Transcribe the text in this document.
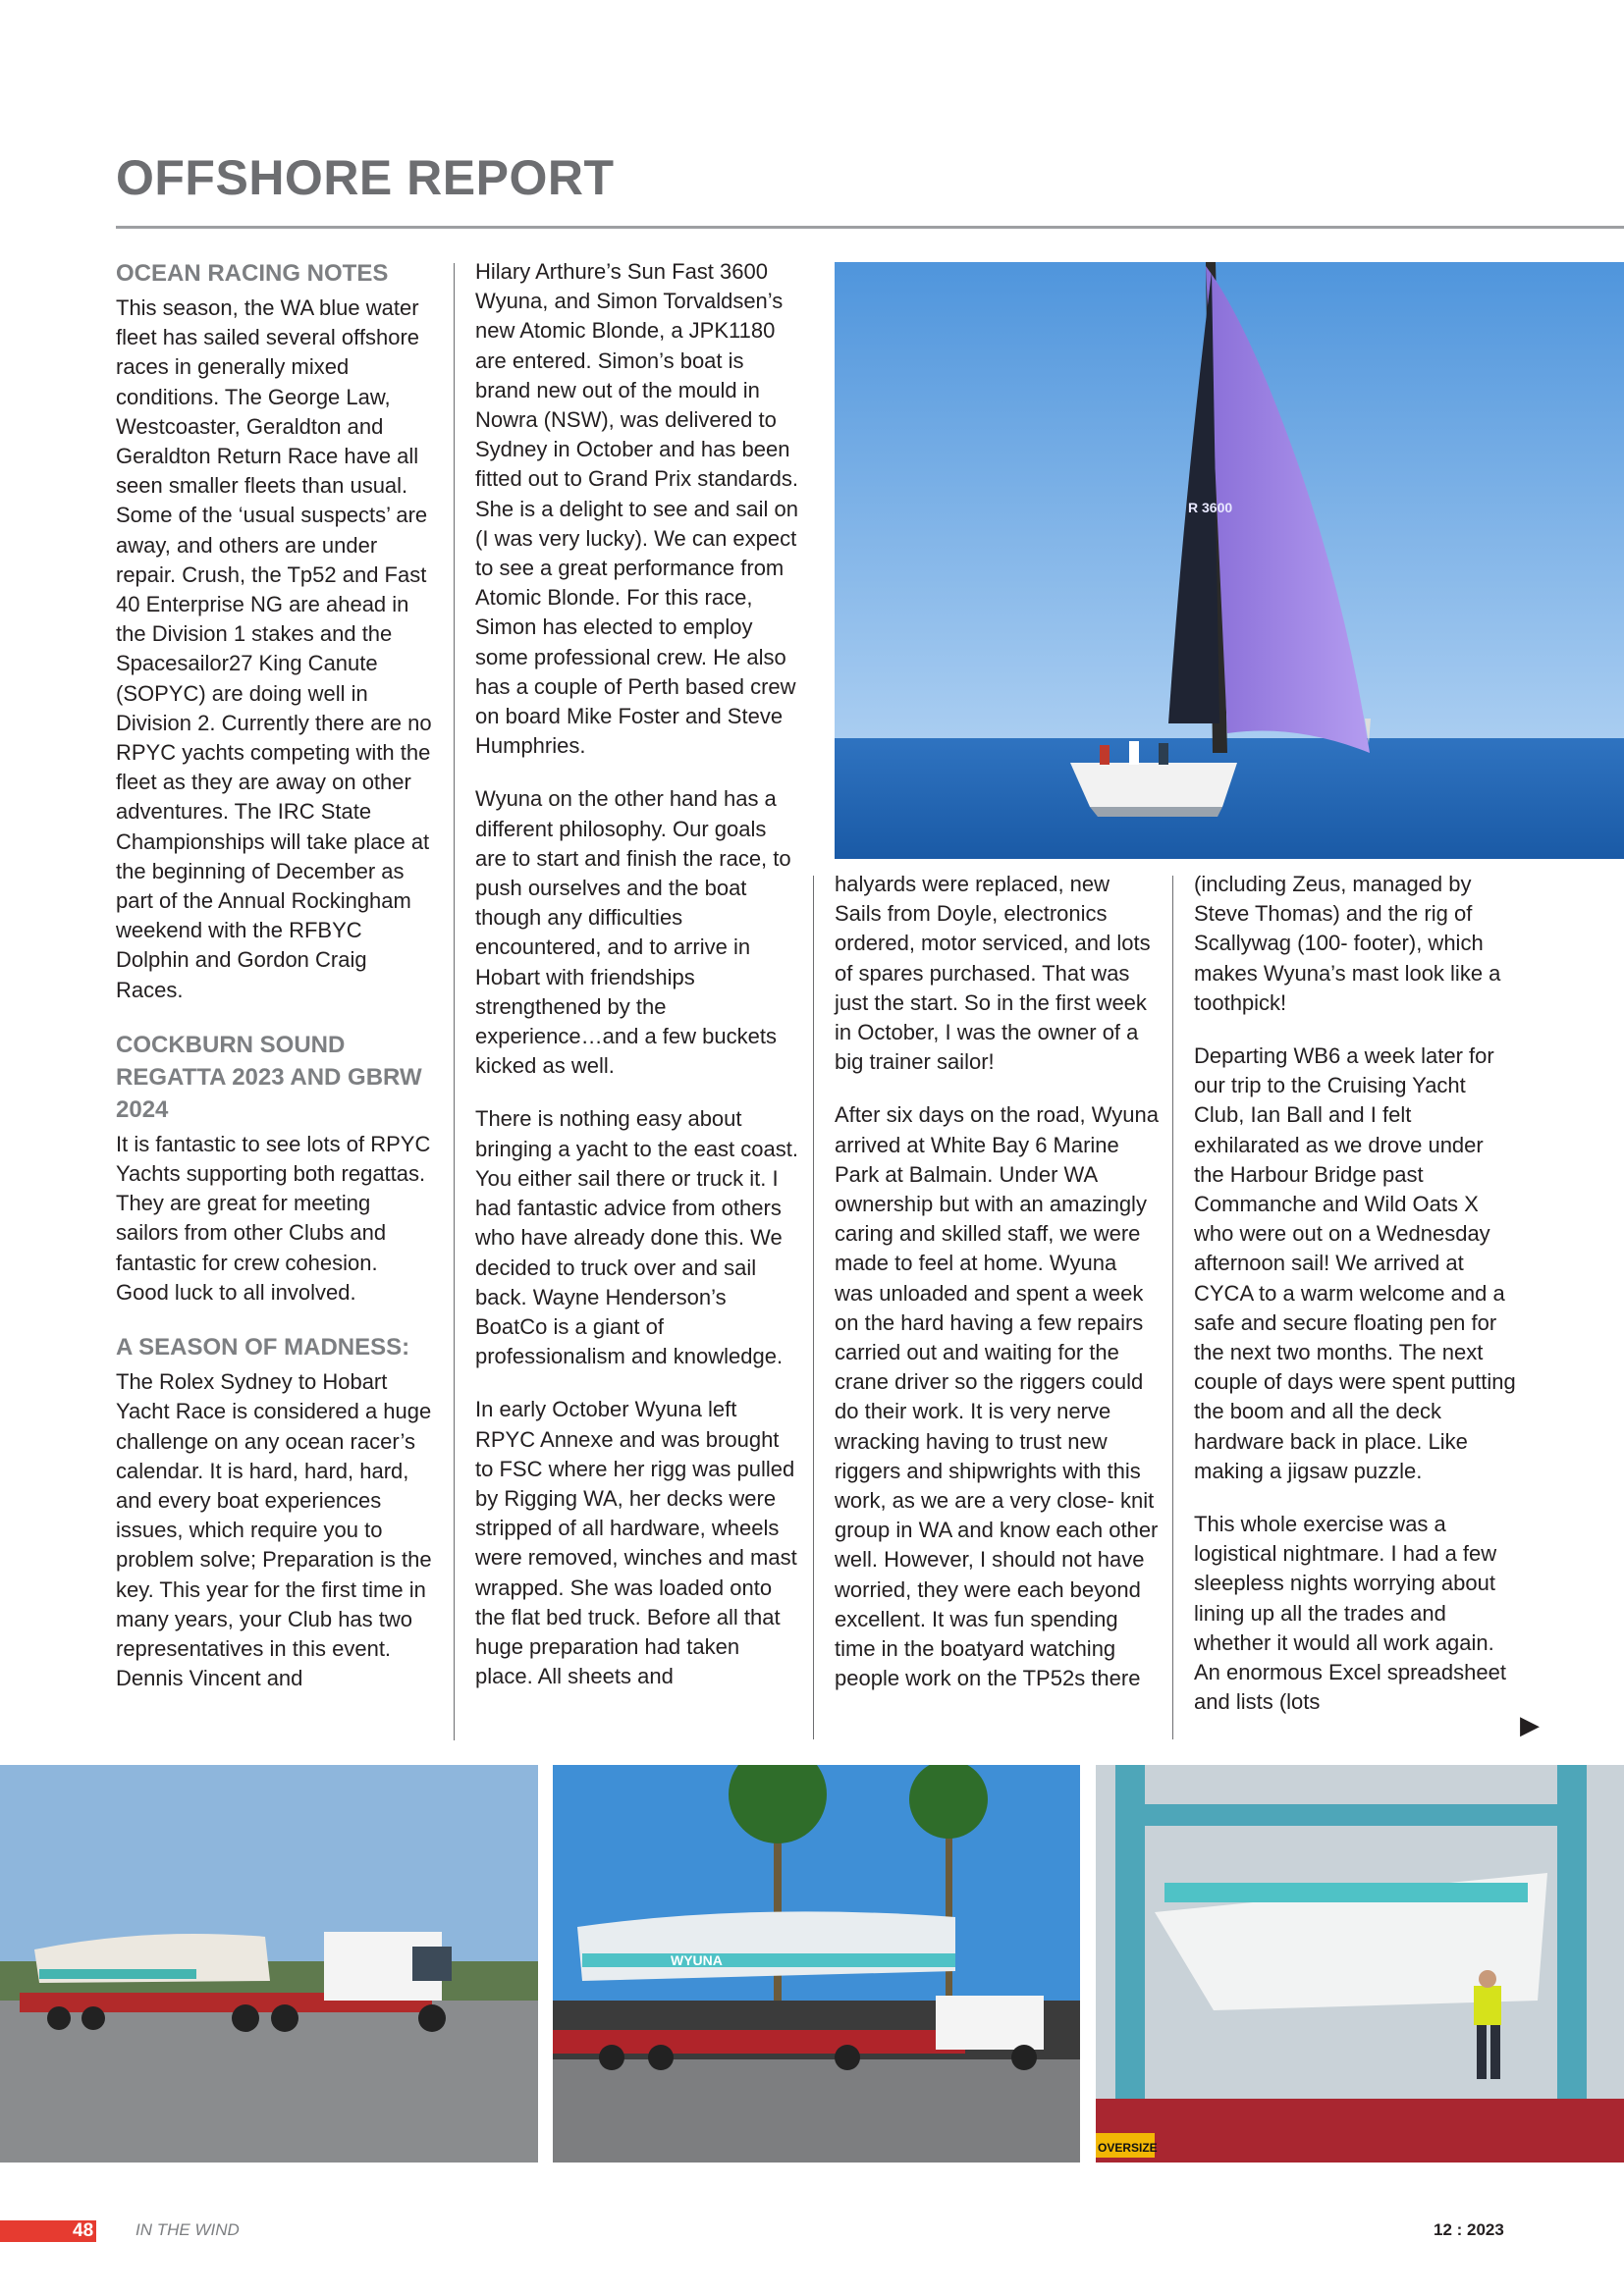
OFFSHORE REPORT
OCEAN RACING NOTES

This season, the WA blue water fleet has sailed several offshore races in generally mixed conditions. The George Law, Westcoaster, Geraldton and Geraldton Return Race have all seen smaller fleets than usual. Some of the ‘usual suspects’ are away, and others are under repair. Crush, the Tp52 and Fast 40 Enterprise NG are ahead in the Division 1 stakes and the Spacesailor27 King Canute (SOPYC) are doing well in Division 2. Currently there are no RPYC yachts competing with the fleet as they are away on other adventures. The IRC State Championships will take place at the beginning of December as part of the Annual Rockingham weekend with the RFBYC Dolphin and Gordon Craig Races.

COCKBURN SOUND REGATTA 2023 AND GBRW 2024

It is fantastic to see lots of RPYC Yachts supporting both regattas. They are great for meeting sailors from other Clubs and fantastic for crew cohesion. Good luck to all involved.

A SEASON OF MADNESS:

The Rolex Sydney to Hobart Yacht Race is considered a huge challenge on any ocean racer’s calendar. It is hard, hard, hard, and every boat experiences issues, which require you to problem solve; Preparation is the key. This year for the first time in many years, your Club has two representatives in this event. Dennis Vincent and

Hilary Arthure’s Sun Fast 3600 Wyuna, and Simon Torvaldsen’s new Atomic Blonde, a JPK1180 are entered. Simon’s boat is brand new out of the mould in Nowra (NSW), was delivered to Sydney in October and has been fitted out to Grand Prix standards. She is a delight to see and sail on (I was very lucky). We can expect to see a great performance from Atomic Blonde. For this race, Simon has elected to employ some professional crew. He also has a couple of Perth based crew on board Mike Foster and Steve Humphries.

Wyuna on the other hand has a different philosophy. Our goals are to start and finish the race, to push ourselves and the boat though any difficulties encountered, and to arrive in Hobart with friendships strengthened by the experience…and a few buckets kicked as well.

There is nothing easy about bringing a yacht to the east coast. You either sail there or truck it. I had fantastic advice from others who have already done this. We decided to truck over and sail back. Wayne Henderson’s BoatCo is a giant of professionalism and knowledge.

In early October Wyuna left RPYC Annexe and was brought to FSC where her rigg was pulled by Rigging WA, her decks were stripped of all hardware, wheels were removed, winches and mast wrapped. She was loaded onto the flat bed truck. Before all that huge preparation had taken place. All sheets and

R 3600

halyards were replaced, new Sails from Doyle, electronics ordered, motor serviced, and lots of spares purchased. That was just the start. So in the first week in October, I was the owner of a big trainer sailor!

After six days on the road, Wyuna arrived at White Bay 6 Marine Park at Balmain. Under WA ownership but with an amazingly caring and skilled staff, we were made to feel at home. Wyuna was unloaded and spent a week on the hard having a few repairs carried out and waiting for the crane driver so the riggers could do their work. It is very nerve wracking having to trust new riggers and shipwrights with this work, as we are a very close- knit group in WA and know each other well. However, I should not have worried, they were each beyond excellent. It was fun spending time in the boatyard watching people work on the TP52s there

(including Zeus, managed by Steve Thomas) and the rig of Scallywag (100- footer), which makes Wyuna’s mast look like a toothpick!

Departing WB6 a week later for our trip to the Cruising Yacht Club, Ian Ball and I felt exhilarated as we drove under the Harbour Bridge past Commanche and Wild Oats X who were out on a Wednesday afternoon sail! We arrived at CYCA to a warm welcome and a safe and secure floating pen for the next two months. The next couple of days were spent putting the boom and all the deck hardware back in place. Like making a jigsaw puzzle.

This whole exercise was a logistical nightmare. I had a few sleepless nights worrying about lining up all the trades and whether it would all work again. An enormous Excel spreadsheet and lists (lots

▶
WYUNA
OVERSIZE
48	IN THE WIND	12 : 2023
